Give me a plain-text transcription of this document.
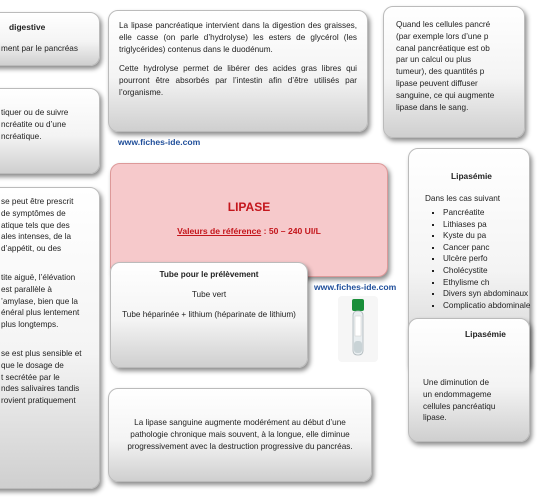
digestive
ment par le pancréas
tiquer ou de suivre
ncréatite ou d’une
ncréatique.
se peut être prescrit
de symptômes de
atique tels que des
ales intenses, de la
d’appétit, ou des
tite aiguë, l’élévation
est parallèle à
’amylase, bien que la
énéral plus lentement
plus longtemps.
se est plus sensible et
que le dosage de
t secrétée par le
ndes salivaires tandis
rovient pratiquement

La lipase pancréatique intervient dans la digestion des graisses, elle casse (on parle d’hydrolyse) les esters de glycérol (les triglycérides) contenus dans le duodénum.

Cette hydrolyse permet de libérer des acides gras libres qui pourront être absorbés par l’intestin afin d’être utilisés par l’organisme.

www.fiches-ide.com
LIPASE
Valeurs de référence : 50 – 240 UI/L
Tube pour le prélèvement
Tube vert
Tube héparinée + lithium (héparinate de lithium)
www.fiches-ide.com
La lipase sanguine augmente modérément au début d’une pathologie chronique mais souvent, à la longue, elle diminue progressivement avec la destruction progressive du pancréas.
Quand les cellules pancré
(par exemple lors d’une p
canal pancréatique est ob
par un calcul ou plus
tumeur), des quantités p
lipase peuvent diffuser
sanguine, ce qui augmente
lipase dans le sang.
Lipasémie
Dans les cas suivant
▪ Pancréatite
▪ Lithiases pa
▪ Kyste du pa
▪ Cancer panc
▪ Ulcère perfo
▪ Cholécystite
▪ Ethylisme ch
▪ Divers syn abdominaux
▪ Complicatio abdominale
Lipasémie
Une diminution de
un endommageme
cellules pancréatiqu
lipase.
